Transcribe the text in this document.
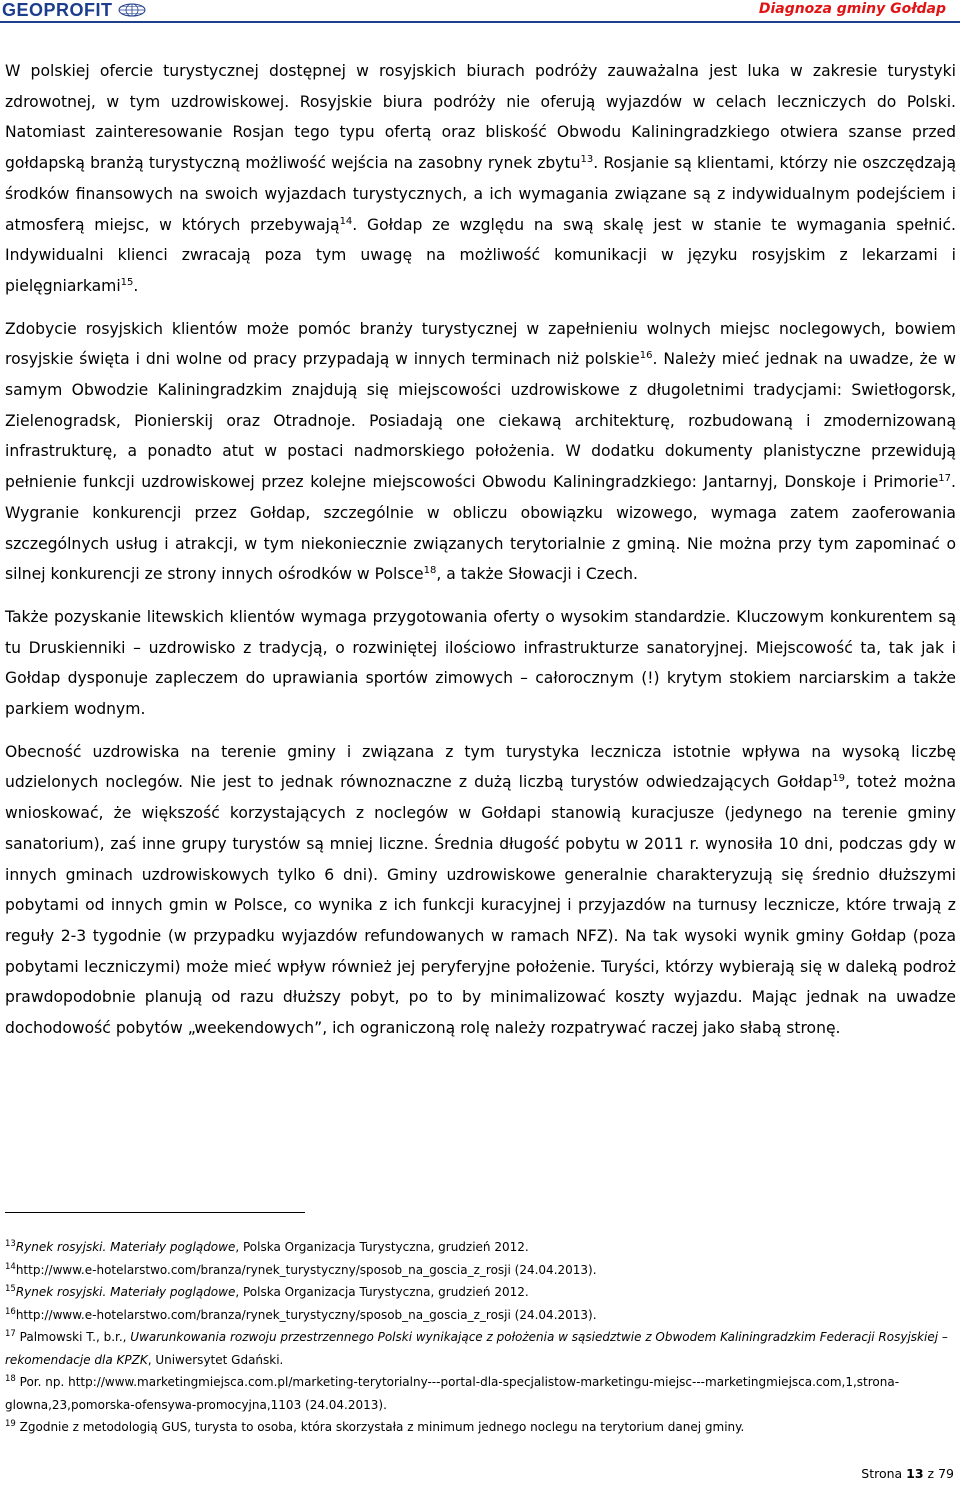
GEOPROFIT	Diagnoza gminy Gołdap

W polskiej ofercie turystycznej dostępnej w rosyjskich biurach podróży zauważalna jest luka w zakresie turystyki zdrowotnej, w tym uzdrowiskowej. Rosyjskie biura podróży nie oferują wyjazdów w celach leczniczych do Polski. Natomiast zainteresowanie Rosjan tego typu ofertą oraz bliskość Obwodu Kaliningradzkiego otwiera szanse przed gołdapską branżą turystyczną możliwość wejścia na zasobny rynek zbytu$^{13}$. Rosjanie są klientami, którzy nie oszczędzają środków finansowych na swoich wyjazdach turystycznych, a ich wymagania związane są z indywidualnym podejściem i atmosferą miejsc, w których przebywają$^{14}$. Gołdap ze względu na swą skalę jest w stanie te wymagania spełnić. Indywidualni klienci zwracają poza tym uwagę na możliwość komunikacji w języku rosyjskim z lekarzami i pielęgniarkami$^{15}$.

Zdobycie rosyjskich klientów może pomóc branży turystycznej w zapełnieniu wolnych miejsc noclegowych, bowiem rosyjskie święta i dni wolne od pracy przypadają w innych terminach niż polskie$^{16}$. Należy mieć jednak na uwadze, że w samym Obwodzie Kaliningradzkim znajdują się miejscowości uzdrowiskowe z długoletnimi tradycjami: Swietłogorsk, Zielenogradsk, Pionierskij oraz Otradnoje. Posiadają one ciekawą architekturę, rozbudowaną i zmodernizowaną infrastrukturę, a ponadto atut w postaci nadmorskiego położenia. W dodatku dokumenty planistyczne przewidują pełnienie funkcji uzdrowiskowej przez kolejne miejscowości Obwodu Kaliningradzkiego: Jantarnyj, Donskoje i Primorie$^{17}$. Wygranie konkurencji przez Gołdap, szczególnie w obliczu obowiązku wizowego, wymaga zatem zaoferowania szczególnych usług i atrakcji, w tym niekoniecznie związanych terytorialnie z gminą. Nie można przy tym zapominać o silnej konkurencji ze strony innych ośrodków w Polsce$^{18}$, a także Słowacji i Czech.

Także pozyskanie litewskich klientów wymaga przygotowania oferty o wysokim standardzie. Kluczowym konkurentem są tu Druskienniki – uzdrowisko z tradycją, o rozwiniętej ilościowo infrastrukturze sanatoryjnej. Miejscowość ta, tak jak i Gołdap dysponuje zapleczem do uprawiania sportów zimowych – całorocznym (!) krytym stokiem narciarskim a także parkiem wodnym.

Obecność uzdrowiska na terenie gminy i związana z tym turystyka lecznicza istotnie wpływa na wysoką liczbę udzielonych noclegów. Nie jest to jednak równoznaczne z dużą liczbą turystów odwiedzających Gołdap$^{19}$, toteż można wnioskować, że większość korzystających z noclegów w Gołdapi stanowią kuracjusze (jedynego na terenie gminy sanatorium), zaś inne grupy turystów są mniej liczne. Średnia długość pobytu w 2011 r. wynosiła 10 dni, podczas gdy w innych gminach uzdrowiskowych tylko 6 dni). Gminy uzdrowiskowe generalnie charakteryzują się średnio dłuższymi pobytami od innych gmin w Polsce, co wynika z ich funkcji kuracyjnej i przyjazdów na turnusy lecznicze, które trwają z reguły 2-3 tygodnie (w przypadku wyjazdów refundowanych w ramach NFZ). Na tak wysoki wynik gminy Gołdap (poza pobytami leczniczymi) może mieć wpływ również jej peryferyjne położenie. Turyści, którzy wybierają się w daleką podroż prawdopodobnie planują od razu dłuższy pobyt, po to by minimalizować koszty wyjazdu. Mając jednak na uwadze dochodowość pobytów „weekendowych”, ich ograniczoną rolę należy rozpatrywać raczej jako słabą stronę.

$^{13}$Rynek rosyjski. Materiały poglądowe, Polska Organizacja Turystyczna, grudzień 2012.

$^{14}$http://www.e-hotelarstwo.com/branza/rynek_turystyczny/sposob_na_goscia_z_rosji (24.04.2013).

$^{15}$Rynek rosyjski. Materiały poglądowe, Polska Organizacja Turystyczna, grudzień 2012.

$^{16}$http://www.e-hotelarstwo.com/branza/rynek_turystyczny/sposob_na_goscia_z_rosji (24.04.2013).

$^{17}$ Palmowski T., b.r., Uwarunkowania rozwoju przestrzennego Polski wynikające z położenia w sąsiedztwie z Obwodem Kaliningradzkim Federacji Rosyjskiej – rekomendacje dla KPZK, Uniwersytet Gdański.

$^{18}$ Por. np. http://www.marketingmiejsca.com.pl/marketing-terytorialny---portal-dla-specjalistow-marketingu-miejsc---marketingmiejsca.com,1,strona-glowna,23,pomorska-ofensywa-promocyjna,1103 (24.04.2013).

$^{19}$ Zgodnie z metodologią GUS, turysta to osoba, która skorzystała z minimum jednego noclegu na terytorium danej gminy.

Strona 13 z 79
